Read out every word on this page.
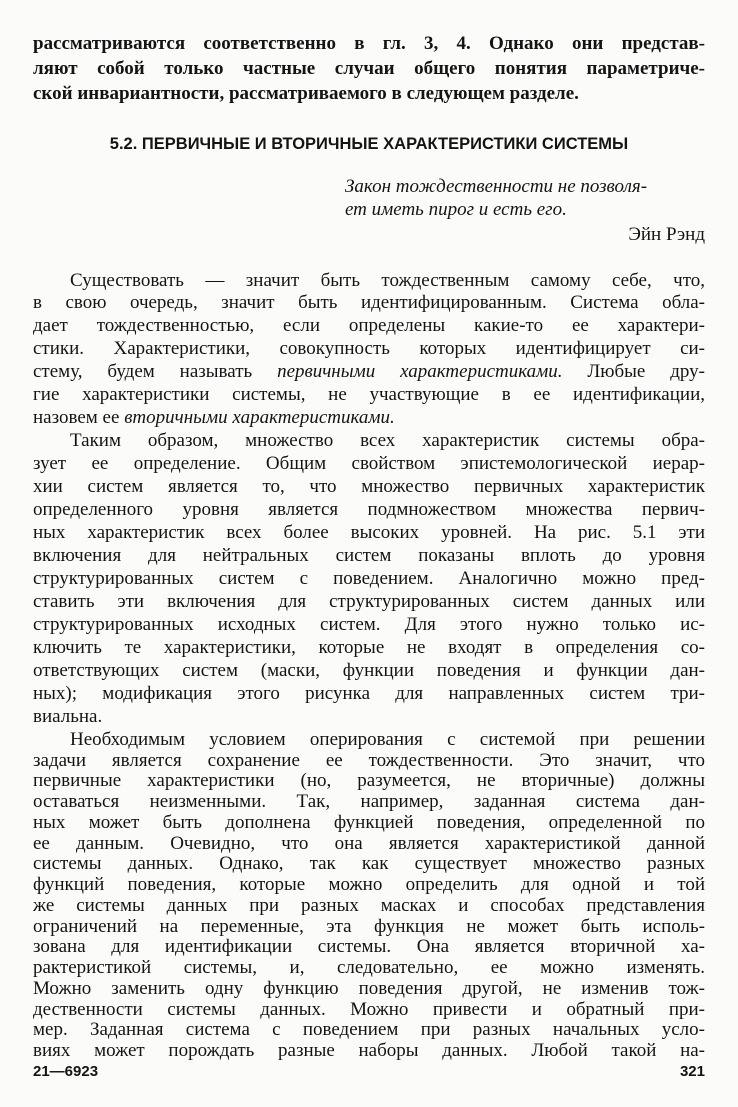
рассматриваются соответственно в гл. 3, 4. Однако они представ-
ляют собой только частные случаи общего понятия параметриче-
ской инвариантности, рассматриваемого в следующем разделе.
5.2. ПЕРВИЧНЫЕ И ВТОРИЧНЫЕ ХАРАКТЕРИСТИКИ СИСТЕМЫ
Закон тождественности не позволя-
ет иметь пирог и есть его.
Эйн Рэнд
Существовать — значит быть тождественным самому себе, что,
в свою очередь, значит быть идентифицированным. Система обла-
дает тождественностью, если определены какие-то ее характери-
стики. Характеристики, совокупность которых идентифицирует си-
стему, будем называть первичными характеристиками. Любые дру-
гие характеристики системы, не участвующие в ее идентификации,
назовем ее вторичными характеристиками.
Таким образом, множество всех характеристик системы обра-
зует ее определение. Общим свойством эпистемологической иерар-
хии систем является то, что множество первичных характеристик
определенного уровня является подмножеством множества первич-
ных характеристик всех более высоких уровней. На рис. 5.1 эти
включения для нейтральных систем показаны вплоть до уровня
структурированных систем с поведением. Аналогично можно пред-
ставить эти включения для структурированных систем данных или
структурированных исходных систем. Для этого нужно только ис-
ключить те характеристики, которые не входят в определения со-
ответствующих систем (маски, функции поведения и функции дан-
ных); модификация этого рисунка для направленных систем три-
виальна.
Необходимым условием оперирования с системой при решении
задачи является сохранение ее тождественности. Это значит, что
первичные характеристики (но, разумеется, не вторичные) должны
оставаться неизменными. Так, например, заданная система дан-
ных может быть дополнена функцией поведения, определенной по
ее данным. Очевидно, что она является характеристикой данной
системы данных. Однако, так как существует множество разных
функций поведения, которые можно определить для одной и той
же системы данных при разных масках и способах представления
ограничений на переменные, эта функция не может быть исполь-
зована для идентификации системы. Она является вторичной ха-
рактеристикой системы, и, следовательно, ее можно изменять.
Можно заменить одну функцию поведения другой, не изменив тож-
дественности системы данных. Можно привести и обратный при-
мер. Заданная система с поведением при разных начальных усло-
виях может порождать разные наборы данных. Любой такой на-
21—6923	321
